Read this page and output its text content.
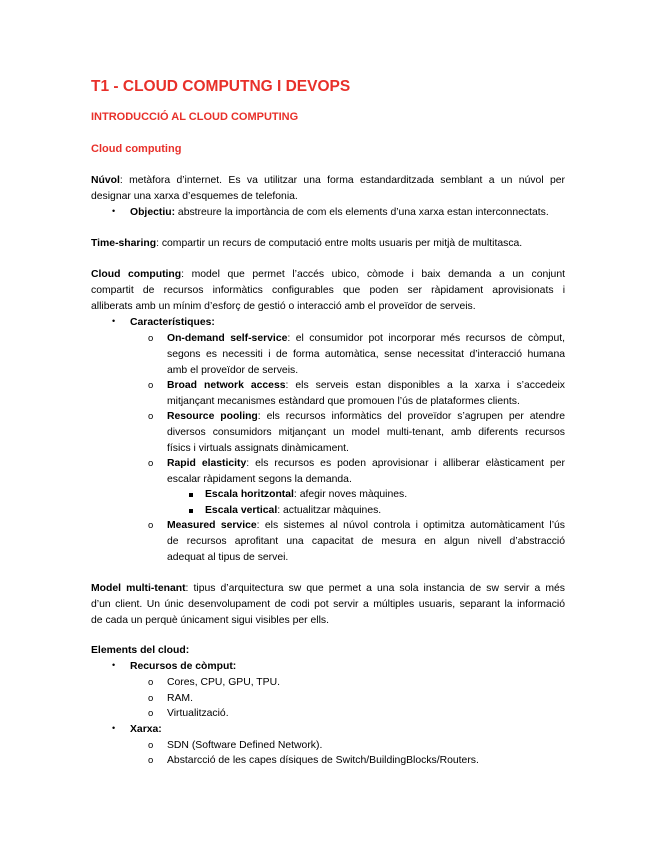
T1 - CLOUD COMPUTNG I DEVOPS
INTRODUCCIÓ AL CLOUD COMPUTING
Cloud computing
Núvol: metàfora d’internet. Es va utilitzar una forma estandarditzada semblant a un núvol per
designar una xarxa d’esquemes de telefonia.
• Objectiu: abstreure la importància de com els elements d’una xarxa estan interconnectats.
Time-sharing: compartir un recurs de computació entre molts usuaris per mitjà de multitasca.
Cloud computing: model que permet l’accés ubico, còmode i baix demanda a un conjunt
compartit de recursos informàtics configurables que poden ser ràpidament aprovisionats i
alliberats amb un mínim d’esforç de gestió o interacció amb el proveïdor de serveis.
• Característiques:
o On-demand self-service: el consumidor pot incorporar més recursos de còmput,
segons es necessiti i de forma automàtica, sense necessitat d’interacció humana
amb el proveïdor de serveis.
o Broad network access: els serveis estan disponibles a la xarxa i s’accedeix
mitjançant mecanismes estàndard que promouen l’ús de plataformes clients.
o Resource pooling: els recursos informàtics del proveïdor s’agrupen per atendre
diversos consumidors mitjançant un model multi-tenant, amb diferents recursos
físics i virtuals assignats dinàmicament.
o Rapid elasticity: els recursos es poden aprovisionar i alliberar elàsticament per
escalar ràpidament segons la demanda.
Escala horitzontal: afegir noves màquines.
Escala vertical: actualitzar màquines.
o Measured service: els sistemes al núvol controla i optimitza automàticament l’ús
de recursos aprofitant una capacitat de mesura en algun nivell d’abstracció
adequat al tipus de servei.
Model multi-tenant: tipus d’arquitectura sw que permet a una sola instancia de sw servir a més
d’un client. Un únic desenvolupament de codi pot servir a múltiples usuaris, separant la informació
de cada un perquè únicament sigui visibles per ells.
Elements del cloud:
• Recursos de còmput:
o Cores, CPU, GPU, TPU.
o RAM.
o Virtualització.
• Xarxa:
o SDN (Software Defined Network).
o Abstarcció de les capes dísiques de Switch/BuildingBlocks/Routers.
